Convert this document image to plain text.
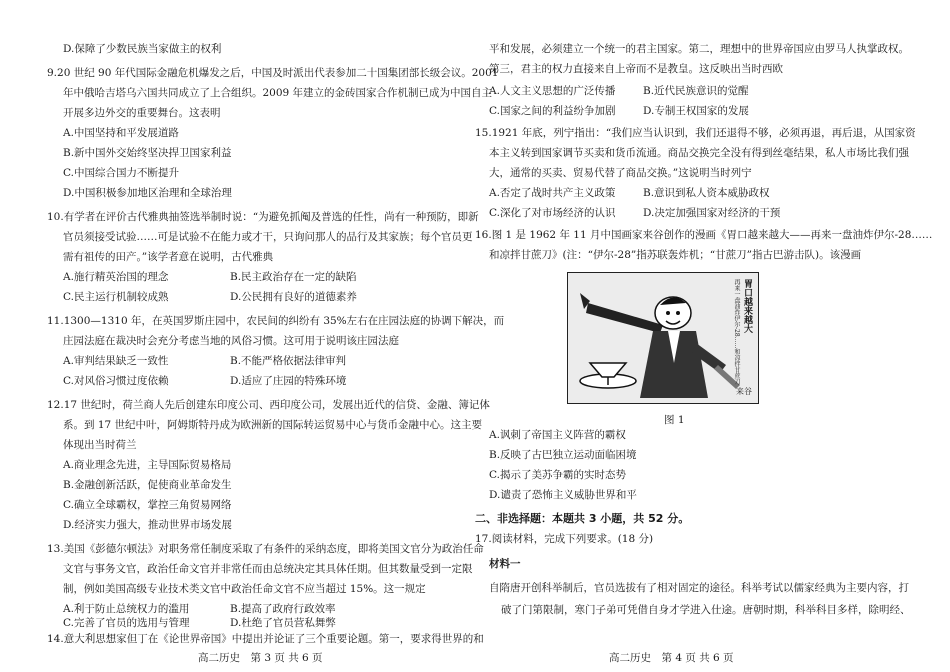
D.保障了少数民族当家做主的权利
9.20 世纪 90 年代国际金融危机爆发之后，中国及时派出代表参加二十国集团部长级会议。2001
年中俄哈吉塔乌六国共同成立了上合组织。2009 年建立的金砖国家合作机制已成为中国自主
开展多边外交的重要舞台。这表明
A.中国坚持和平发展道路
B.新中国外交始终坚决捍卫国家利益
C.中国综合国力不断提升
D.中国积极参加地区治理和全球治理
10.有学者在评价古代雅典抽签选举制时说：“为避免抓阄及普选的任性，尚有一种预防，即新
官员须接受试验……可是试验不在能力或才干，只询问那人的品行及其家族；每个官员更
需有祖传的田产。”该学者意在说明，古代雅典
A.施行精英治国的理念	B.民主政治存在一定的缺陷
C.民主运行机制较成熟	D.公民拥有良好的道德素养
11.1300—1310 年，在英国罗斯庄园中，农民间的纠纷有 35%左右在庄园法庭的协调下解决，而
庄园法庭在裁决时会充分考虑当地的风俗习惯。这可用于说明该庄园法庭
A.审判结果缺乏一致性	B.不能严格依据法律审判
C.对风俗习惯过度依赖	D.适应了庄园的特殊环境
12.17 世纪时，荷兰商人先后创建东印度公司、西印度公司，发展出近代的信贷、金融、簿记体
系。到 17 世纪中叶，阿姆斯特丹成为欧洲新的国际转运贸易中心与货币金融中心。这主要
体现出当时荷兰
A.商业理念先进，主导国际贸易格局
B.金融创新活跃，促使商业革命发生
C.确立全球霸权，掌控三角贸易网络
D.经济实力强大，推动世界市场发展
13.美国《彭德尔顿法》对职务常任制度采取了有条件的采纳态度，即将美国文官分为政治任命
文官与事务文官，政治任命文官并非常任而由总统决定其具体任期。但其数量受到一定限
制，例如美国高级专业技术类文官中政治任命文官不应当超过 15%。这一规定
A.利于防止总统权力的滥用	B.提高了政府行政效率
C.完善了官员的选用与管理	D.杜绝了官员营私舞弊
高二历史　第 3 页 共 6 页
14.意大利思想家但丁在《论世界帝国》中提出并论证了三个重要论题。第一，要求得世界的和
平和发展，必须建立一个统一的君主国家。第二，理想中的世界帝国应由罗马人执掌政权。
第三，君主的权力直接来自上帝而不是教皇。这反映出当时西欧
A.人文主义思想的广泛传播	B.近代民族意识的觉醒
C.国家之间的利益纷争加剧	D.专制王权国家的发展
15.1921 年底，列宁指出：“我们应当认识到，我们还退得不够，必须再退，再后退，从国家资
本主义转到国家调节买卖和货币流通。商品交换完全没有得到丝毫结果，私人市场比我们强
大，通常的买卖、贸易代替了商品交换。”这说明当时列宁
A.否定了战时共产主义政策	B.意识到私人资本威胁政权
C.深化了对市场经济的认识	D.决定加强国家对经济的干预
16.图 1 是 1962 年 11 月中国画家来谷创作的漫画《胃口越来越大——再来一盘油炸伊尔-28……
和凉拌甘蔗刀》(注：“伊尔-28”指苏联轰炸机；“甘蔗刀”指古巴游击队)。该漫画
A.讽刺了帝国主义阵营的霸权
B.反映了古巴独立运动面临困境
C.揭示了美苏争霸的实时态势
D.谴责了恐怖主义威胁世界和平
二、非选择题：本题共 3 小题，共 52 分。
17.阅读材料，完成下列要求。(18 分)
材料一
自隋唐开创科举制后，官员选拔有了相对固定的途径。科举考试以儒家经典为主要内容，打
破了门第限制，寒门子弟可凭借自身才学进入仕途。唐朝时期，科举科目多样，除明经、
高二历史　第 4 页 共 6 页
胃口越来越大
再来一盘油炸伊尔-28……和凉拌甘蔗刀
来谷
图 1
